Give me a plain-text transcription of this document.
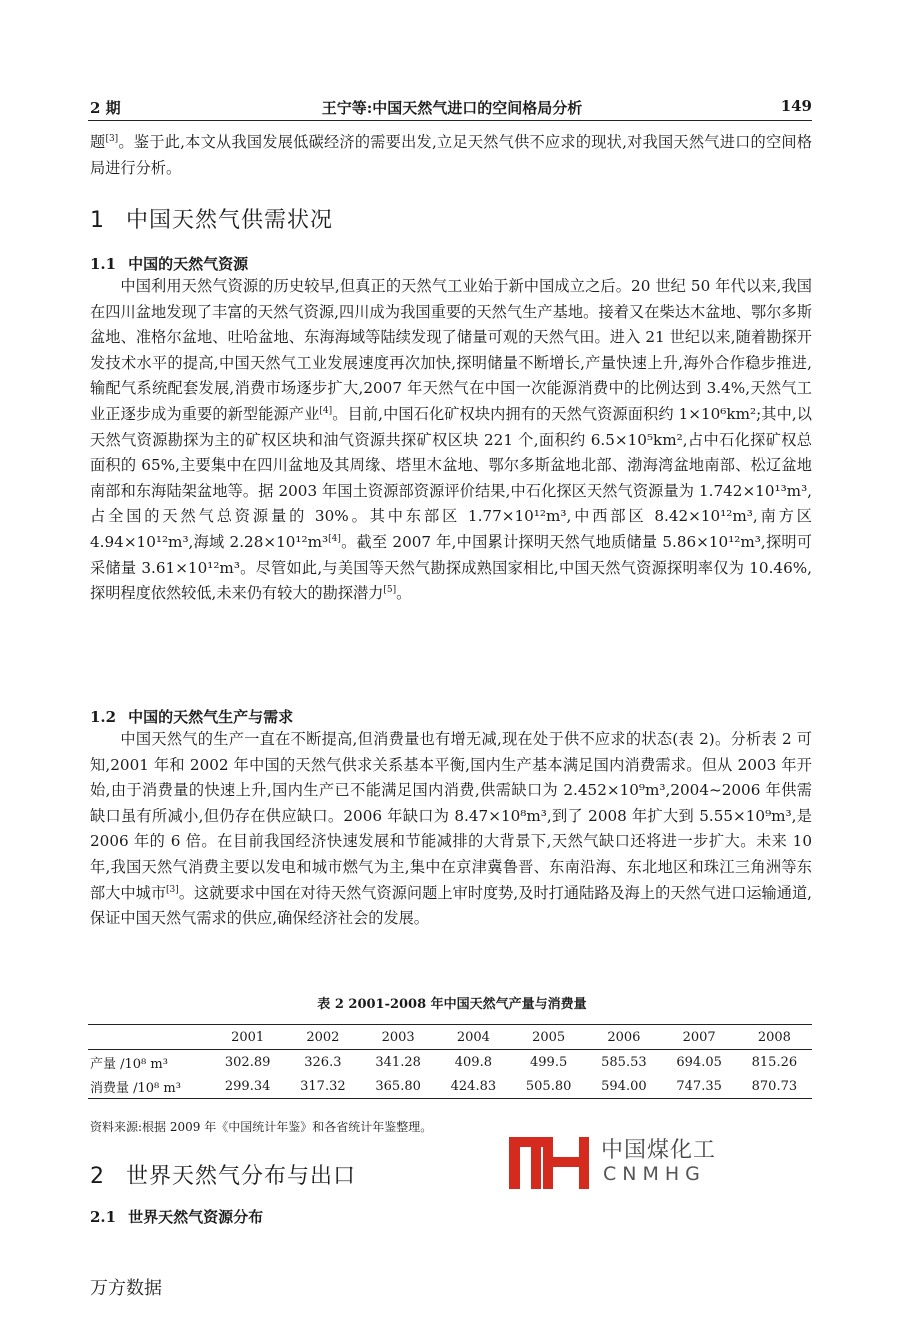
2 期	王宁等:中国天然气进口的空间格局分析	149

题[3]。鉴于此,本文从我国发展低碳经济的需要出发,立足天然气供不应求的现状,对我国天然气进口的空间格局进行分析。

1 中国天然气供需状况
1.1 中国的天然气资源

中国利用天然气资源的历史较早,但真正的天然气工业始于新中国成立之后。20 世纪 50 年代以来,我国在四川盆地发现了丰富的天然气资源,四川成为我国重要的天然气生产基地。接着又在柴达木盆地、鄂尔多斯盆地、准格尔盆地、吐哈盆地、东海海域等陆续发现了储量可观的天然气田。进入 21 世纪以来,随着勘探开发技术水平的提高,中国天然气工业发展速度再次加快,探明储量不断增长,产量快速上升,海外合作稳步推进,输配气系统配套发展,消费市场逐步扩大,2007 年天然气在中国一次能源消费中的比例达到 3.4%,天然气工业正逐步成为重要的新型能源产业[4]。目前,中国石化矿权块内拥有的天然气资源面积约 1×10⁶km²;其中,以天然气资源勘探为主的矿权区块和油气资源共探矿权区块 221 个,面积约 6.5×10⁵km²,占中石化探矿权总面积的 65%,主要集中在四川盆地及其周缘、塔里木盆地、鄂尔多斯盆地北部、渤海湾盆地南部、松辽盆地南部和东海陆架盆地等。据 2003 年国土资源部资源评价结果,中石化探区天然气资源量为 1.742×10¹³m³,占全国的天然气总资源量的 30%。其中东部区 1.77×10¹²m³,中西部区 8.42×10¹²m³,南方区 4.94×10¹²m³,海域 2.28×10¹²m³[4]。截至 2007 年,中国累计探明天然气地质储量 5.86×10¹²m³,探明可采储量 3.61×10¹²m³。尽管如此,与美国等天然气勘探成熟国家相比,中国天然气资源探明率仅为 10.46%,探明程度依然较低,未来仍有较大的勘探潜力[5]。

1.2 中国的天然气生产与需求

中国天然气的生产一直在不断提高,但消费量也有增无减,现在处于供不应求的状态(表 2)。分析表 2 可知,2001 年和 2002 年中国的天然气供求关系基本平衡,国内生产基本满足国内消费需求。但从 2003 年开始,由于消费量的快速上升,国内生产已不能满足国内消费,供需缺口为 2.452×10⁹m³,2004~2006 年供需缺口虽有所减小,但仍存在供应缺口。2006 年缺口为 8.47×10⁸m³,到了 2008 年扩大到 5.55×10⁹m³,是 2006 年的 6 倍。在目前我国经济快速发展和节能减排的大背景下,天然气缺口还将进一步扩大。未来 10 年,我国天然气消费主要以发电和城市燃气为主,集中在京津冀鲁晋、东南沿海、东北地区和珠江三角洲等东部大中城市[3]。这就要求中国在对待天然气资源问题上审时度势,及时打通陆路及海上的天然气进口运输通道,保证中国天然气需求的供应,确保经济社会的发展。

表 2 2001-2008 年中国天然气产量与消费量
	2001	2002	2003	2004	2005	2006	2007	2008
产量 /10⁸ m³	302.89	326.3	341.28	409.8	499.5	585.53	694.05	815.26
消费量 /10⁸ m³	299.34	317.32	365.80	424.83	505.80	594.00	747.35	870.73
资料来源:根据 2009 年《中国统计年鉴》和各省统计年鉴整理。
中国煤化工
CNMHG
2 世界天然气分布与出口
2.1 世界天然气资源分布
万方数据
